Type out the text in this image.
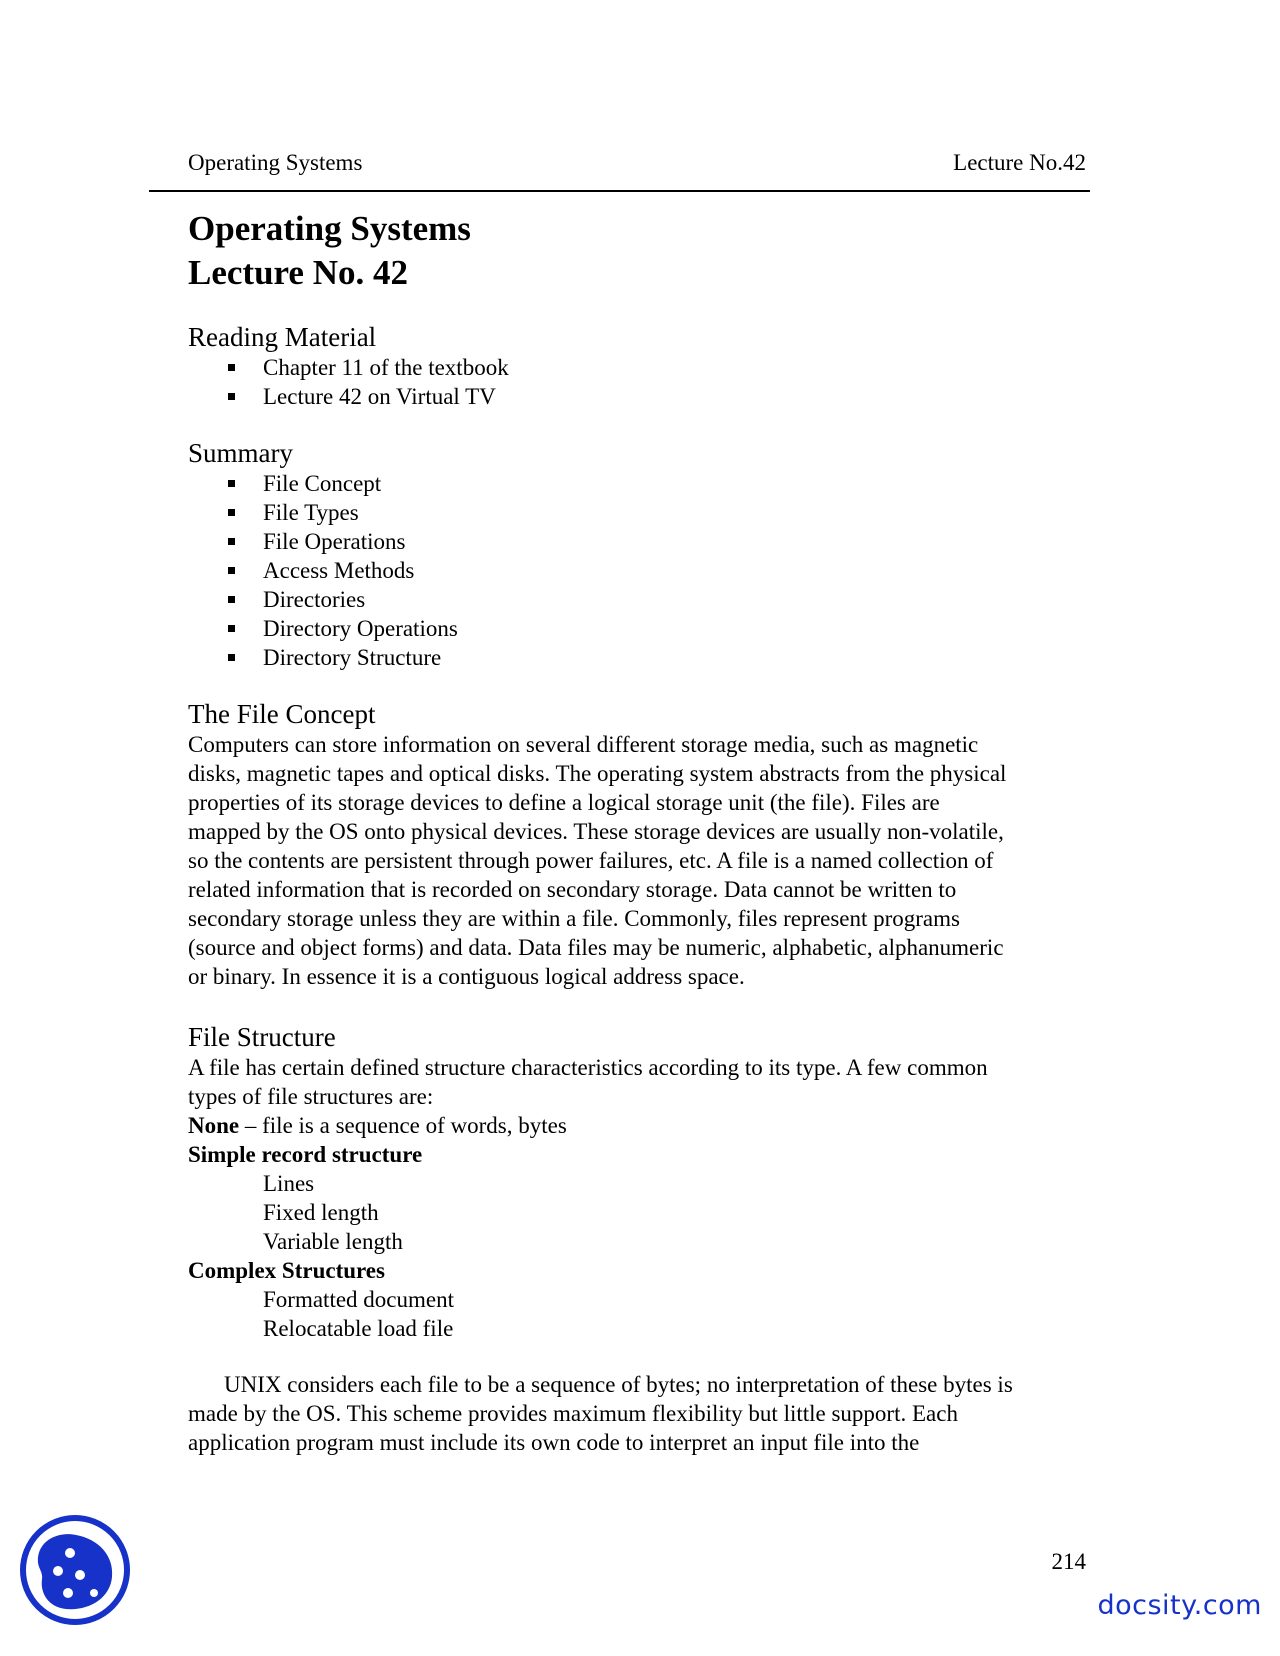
Operating Systems	Lecture No.42

Operating Systems

Lecture No. 42

Reading Material

Chapter 11 of the textbook
Lecture 42 on Virtual TV

Summary

File Concept
File Types
File Operations
Access Methods
Directories
Directory Operations
Directory Structure

The File Concept

Computers can store information on several different storage media, such as magnetic
disks, magnetic tapes and optical disks. The operating system abstracts from the physical
properties of its storage devices to define a logical storage unit (the file). Files are
mapped by the OS onto physical devices. These storage devices are usually non-volatile,
so the contents are persistent through power failures, etc. A file is a named collection of
related information that is recorded on secondary storage. Data cannot be written to
secondary storage unless they are within a file. Commonly, files represent programs
(source and object forms) and data. Data files may be numeric, alphabetic, alphanumeric
or binary. In essence it is a contiguous logical address space.

File Structure

A file has certain defined structure characteristics according to its type. A few common
types of file structures are:
None – file is a sequence of words, bytes
Simple record structure
Lines
Fixed length
Variable length
Complex Structures
Formatted document
Relocatable load file
UNIX considers each file to be a sequence of bytes; no interpretation of these bytes is
made by the OS. This scheme provides maximum flexibility but little support. Each
application program must include its own code to interpret an input file into the
214
docsity.com
